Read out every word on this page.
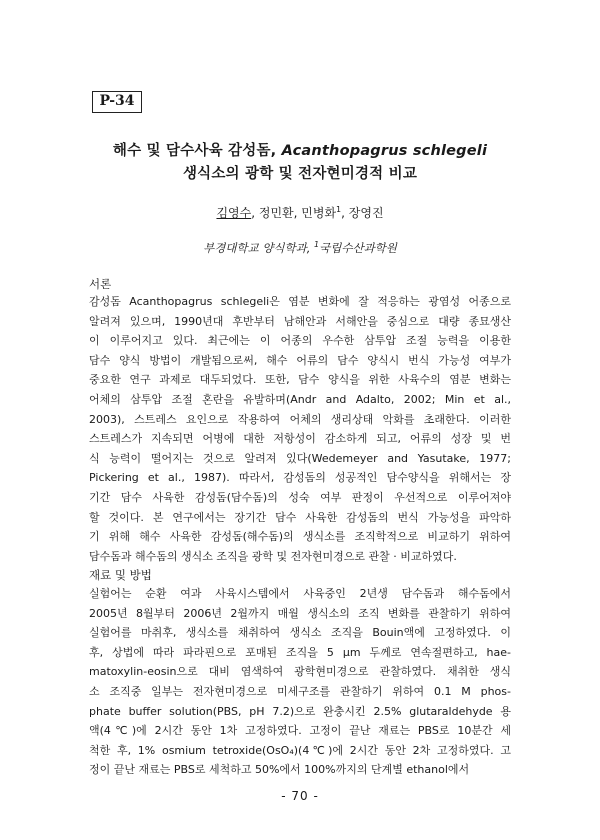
P-34
해수 및 담수사육 감성돔, Acanthopagrus schlegeli
생식소의 광학 및 전자현미경적 비교
김영수, 정민환, 민병화$^1$, 장영진
부경대학교 양식학과, $^1$국립수산과학원
서론
감성돔 Acanthopagrus schlegeli은 염분 변화에 잘 적응하는 광염성 어종으로
알려져 있으며, 1990년대 후반부터 남해안과 서해안을 중심으로 대량 종묘생산
이 이루어지고 있다. 최근에는 이 어종의 우수한 삼투압 조절 능력을 이용한
담수 양식 방법이 개발됨으로써, 해수 어류의 담수 양식시 번식 가능성 여부가
중요한 연구 과제로 대두되었다. 또한, 담수 양식을 위한 사육수의 염분 변화는
어체의 삼투압 조절 혼란을 유발하며(Andr and Adalto, 2002; Min et al.,
2003), 스트레스 요인으로 작용하여 어체의 생리상태 악화를 초래한다. 이러한
스트레스가 지속되면 어병에 대한 저항성이 감소하게 되고, 어류의 성장 및 번
식 능력이 떨어지는 것으로 알려져 있다(Wedemeyer and Yasutake, 1977;
Pickering et al., 1987). 따라서, 감성돔의 성공적인 담수양식을 위해서는 장
기간 담수 사육한 감성돔(담수돔)의 성숙 여부 판정이 우선적으로 이루어져야
할 것이다. 본 연구에서는 장기간 담수 사육한 감성돔의 번식 가능성을 파악하
기 위해 해수 사육한 감성돔(해수돔)의 생식소를 조직학적으로 비교하기 위하여
담수돔과 해수돔의 생식소 조직을 광학 및 전자현미경으로 관찰 · 비교하였다.
재료 및 방법
실험어는 순환 여과 사육시스템에서 사육중인 2년생 담수돔과 해수돔에서
2005년 8월부터 2006년 2월까지 매월 생식소의 조직 변화를 관찰하기 위하여
실험어를 마취후, 생식소를 채취하여 생식소 조직을 Bouin액에 고정하였다. 이
후, 상법에 따라 파라핀으로 포매된 조직을 5 μm 두께로 연속절편하고, hae-
matoxylin-eosin으로 대비 염색하여 광학현미경으로 관찰하였다. 채취한 생식
소 조직중 일부는 전자현미경으로 미세구조를 관찰하기 위하여 0.1 M phos-
phate buffer solution(PBS, pH 7.2)으로 완충시킨 2.5% glutaraldehyde 용
액(4℃)에 2시간 동안 1차 고정하였다. 고정이 끝난 재료는 PBS로 10분간 세
척한 후, 1% osmium tetroxide(OsO₄)(4℃)에 2시간 동안 2차 고정하였다. 고
정이 끝난 재료는 PBS로 세척하고 50%에서 100%까지의 단계별 ethanol에서
- 70 -
